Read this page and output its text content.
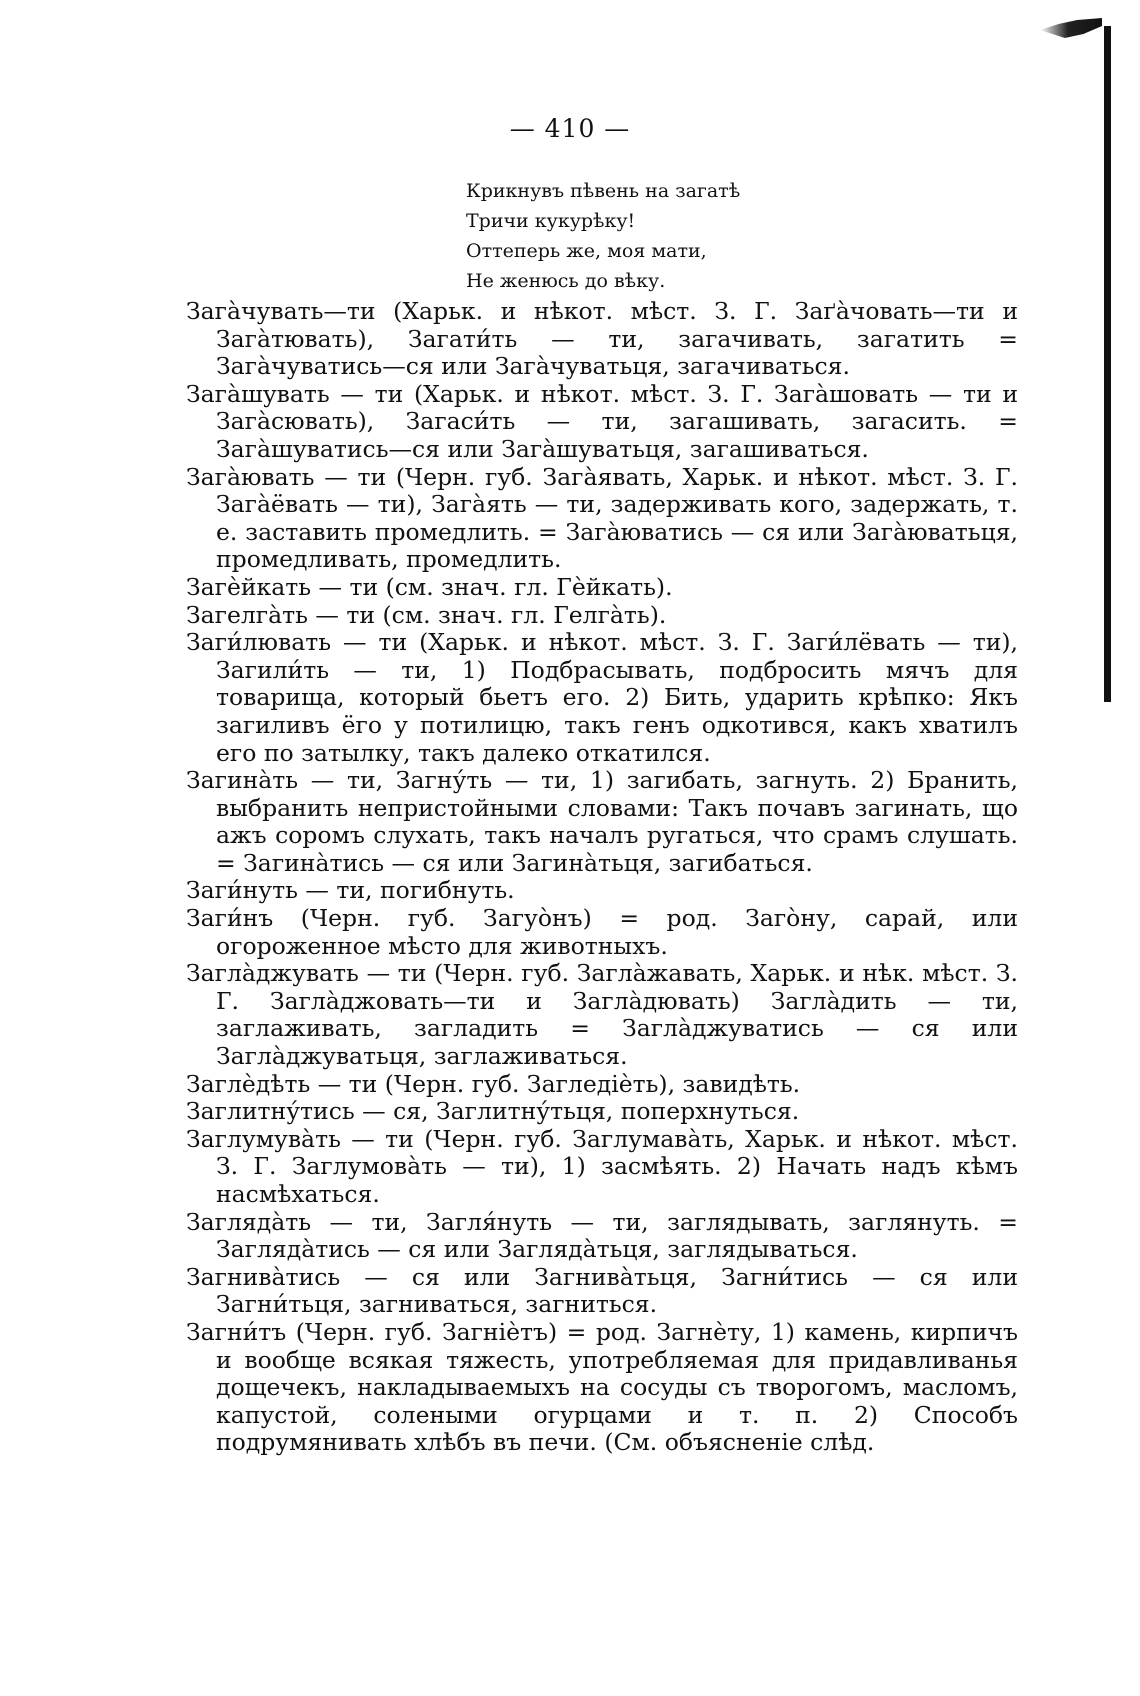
— 410 —
Крикнувъ пѣвень на загатѣ
Тричи кукурѣку!
Оттеперь же, моя мати,
Не женюсь до вѣку.

Загàчувать—ти (Харьк. и нѣкот. мѣст. З. Г. Заґàчовать—ти и Загàтювать), Загати́ть — ти, загачивать, загатить = Загàчуватись—ся или Загàчуватьця, загачиваться.

Загàшувать — ти (Харьк. и нѣкот. мѣст. З. Г. Загàшовать — ти и Загàсювать), Загаси́ть — ти, загашивать, загасить. = Загàшуватись—ся или Загàшуватьця, загашиваться.

Загàювать — ти (Черн. губ. Загàявать, Харьк. и нѣкот. мѣст. З. Г. Загàёвать — ти), Загàять — ти, задерживать кого, задержать, т. е. заставить промедлить. = Загàюватись — ся или Загàюватьця, промедливать, промедлить.

Загѐйкать — ти (см. знач. гл. Гѐйкать).

Загелгàть — ти (см. знач. гл. Гелгàть).

Заги́лювать — ти (Харьк. и нѣкот. мѣст. З. Г. Заги́лёвать — ти), Загили́ть — ти, 1) Подбрасывать, подбросить мячъ для товарища, который бьетъ его. 2) Бить, ударить крѣпко: Якъ загиливъ ёго у потилицю, такъ генъ одкотився, какъ хватилъ его по затылку, такъ далеко откатился.

Загинàть — ти, Загну́ть — ти, 1) загибать, загнуть. 2) Бранить, выбранить непристойными словами: Такъ почавъ загинать, що ажъ соромъ слухать, такъ началъ ругаться, что срамъ слушать. = Загинàтись — ся или Загинàтьця, загибаться.

Заги́нуть — ти, погибнуть.

Заги́нъ (Черн. губ. Загуо̀нъ) = род. Загòну, сарай, или огороженное мѣсто для животныхъ.

Заглàджувать — ти (Черн. губ. Заглàжавать, Харьк. и нѣк. мѣст. З. Г. Заглàджовать—ти и Заглàдювать) Заглàдить — ти, заглаживать, загладить = Заглàджуватись — ся или Заглàджуватьця, заглаживаться.

Заглѐдѣть — ти (Черн. губ. Загледiѐть), завидѣть.

Заглитну́тись — ся, Заглитну́тьця, поперхнуться.

Заглумувàть — ти (Черн. губ. Заглумавàть, Харьк. и нѣкот. мѣст. З. Г. Заглумовàть — ти), 1) засмѣять. 2) Начать надъ кѣмъ насмѣхаться.

Заглядàть — ти, Загля́нуть — ти, заглядывать, заглянуть. = Заглядàтись — ся или Заглядàтьця, заглядываться.

Загнивàтись — ся или Загнивàтьця, Загни́тись — ся или Загни́тьця, загниваться, загниться.

Загни́тъ (Черн. губ. Загнiѐтъ) = род. Загнѐту, 1) камень, кирпичъ и вообще всякая тяжесть, употребляемая для придавливанья дощечекъ, накладываемыхъ на сосуды съ творогомъ, масломъ, капустой, солеными огурцами и т. п. 2) Способъ подрумянивать хлѣбъ въ печи. (См. объясненiе слѣд.
